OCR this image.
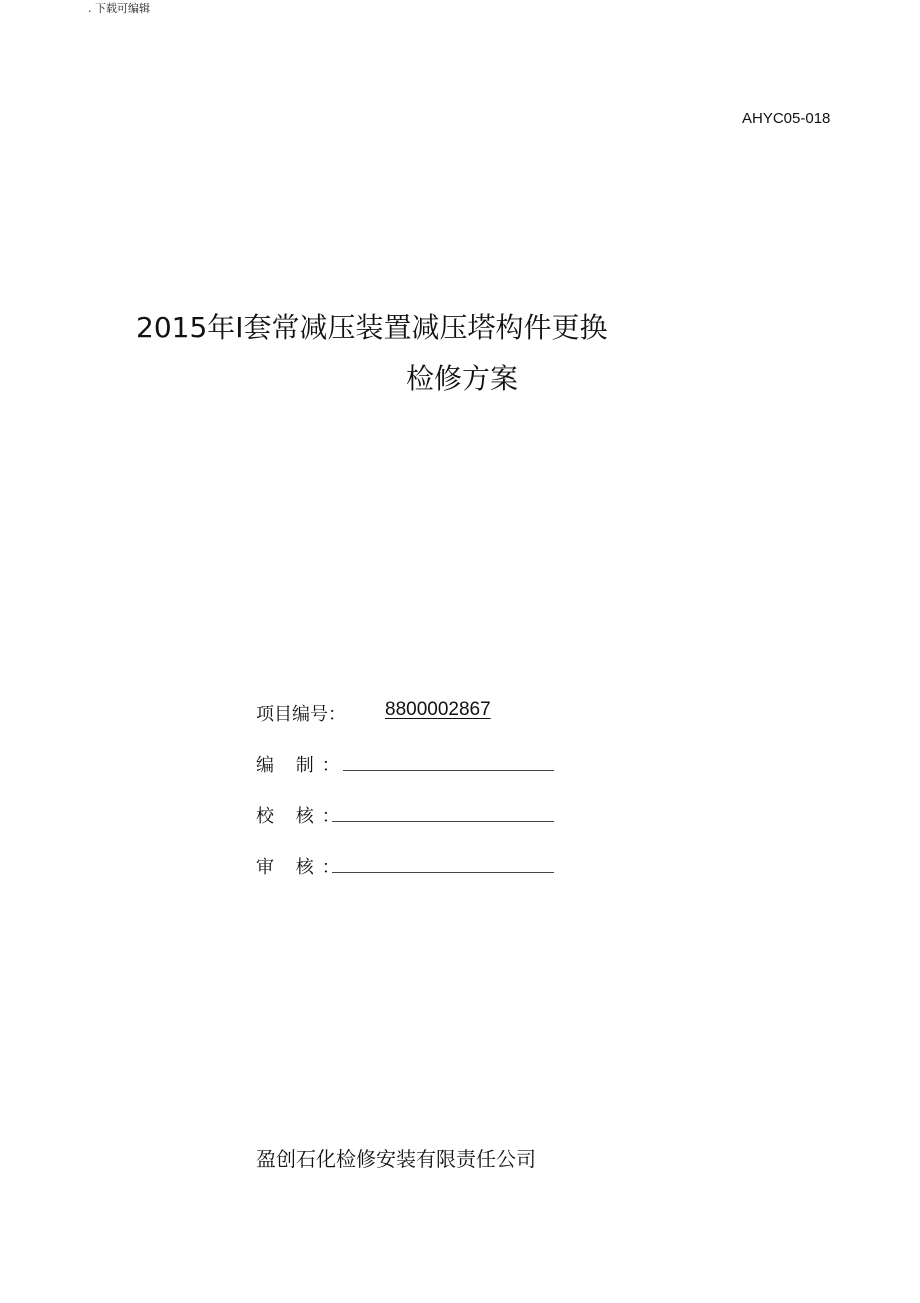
. 下载可编辑
AHYC05-018
2015年I套常减压装置减压塔构件更换
检修方案
项目编号： 8800002867
编 制：
校 核：
审 核：
盈创石化检修安装有限责任公司
